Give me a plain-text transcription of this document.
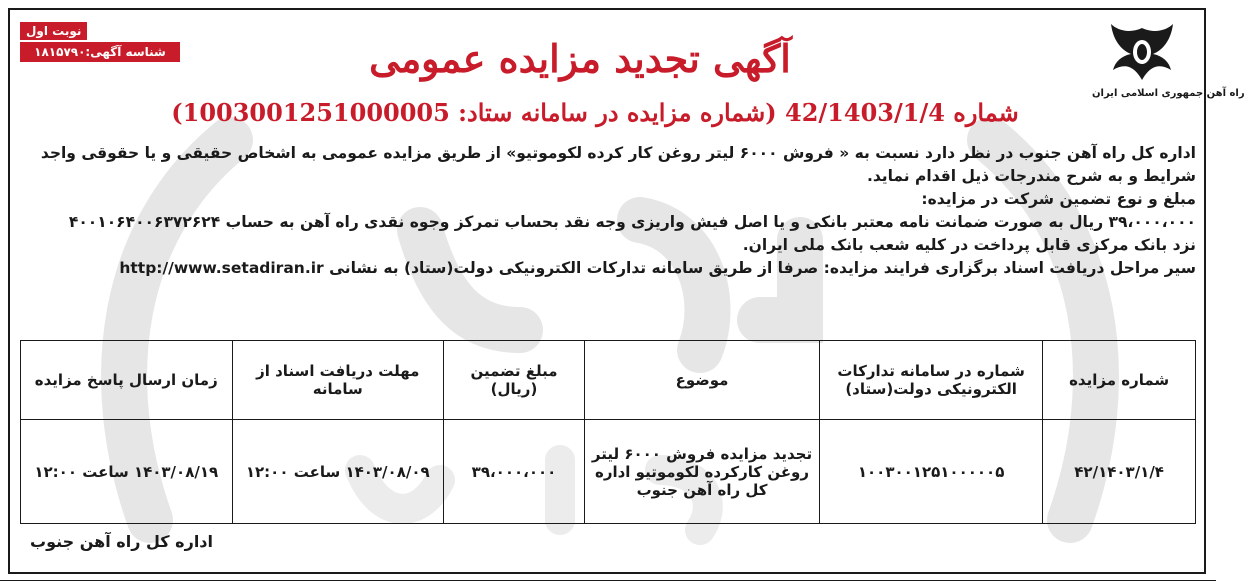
راه آهن جمهوری اسلامی ایران
نوبت اول
شناسه آگهی:۱۸۱۵۷۹۰	آگهی تجدید مزایده عمومی
شماره 42/1403/1/4 (شماره مزایده در سامانه ستاد: 1003001251000005)

اداره کل راه آهن جنوب در نظر دارد نسبت به « فروش ۶۰۰۰ لیتر روغن کار کرده لکوموتیو» از طریق مزایده عمومی به اشخاص حقیقی و یا حقوقی واجد

شرایط و به شرح مندرجات ذیل اقدام نماید.

مبلغ و نوع تضمین شرکت در مزایده:

۳۹،۰۰۰،۰۰۰ ریال به صورت ضمانت نامه معتبر بانکی و یا اصل فیش واریزی وجه نقد بحساب تمرکز وجوه نقدی راه آهن به حساب ۴۰۰۱۰۶۴۰۰۶۳۷۲۶۲۴

نزد بانک مرکزی قابل پرداخت در کلیه شعب بانک ملی ایران.

سیر مراحل دریافت اسناد برگزاری فرایند مزایده: صرفا از طریق سامانه تدارکات الکترونیکی دولت(ستاد) به نشانی http://www.setadiran.ir

شماره مزایده	شماره در سامانه تدارکات الکترونیکی دولت(ستاد)	موضوع	مبلغ تضمین (ریال)	مهلت دریافت اسناد از سامانه	زمان ارسال پاسخ مزایده
۴۲/۱۴۰۳/۱/۴	۱۰۰۳۰۰۱۲۵۱۰۰۰۰۰۵	تجدید مزایده فروش ۶۰۰۰ لیتر روغن کارکرده لکوموتیو اداره کل راه آهن جنوب	۳۹،۰۰۰،۰۰۰	۱۴۰۳/۰۸/۰۹ ساعت ۱۲:۰۰	۱۴۰۳/۰۸/۱۹ ساعت ۱۲:۰۰
اداره کل راه آهن جنوب
